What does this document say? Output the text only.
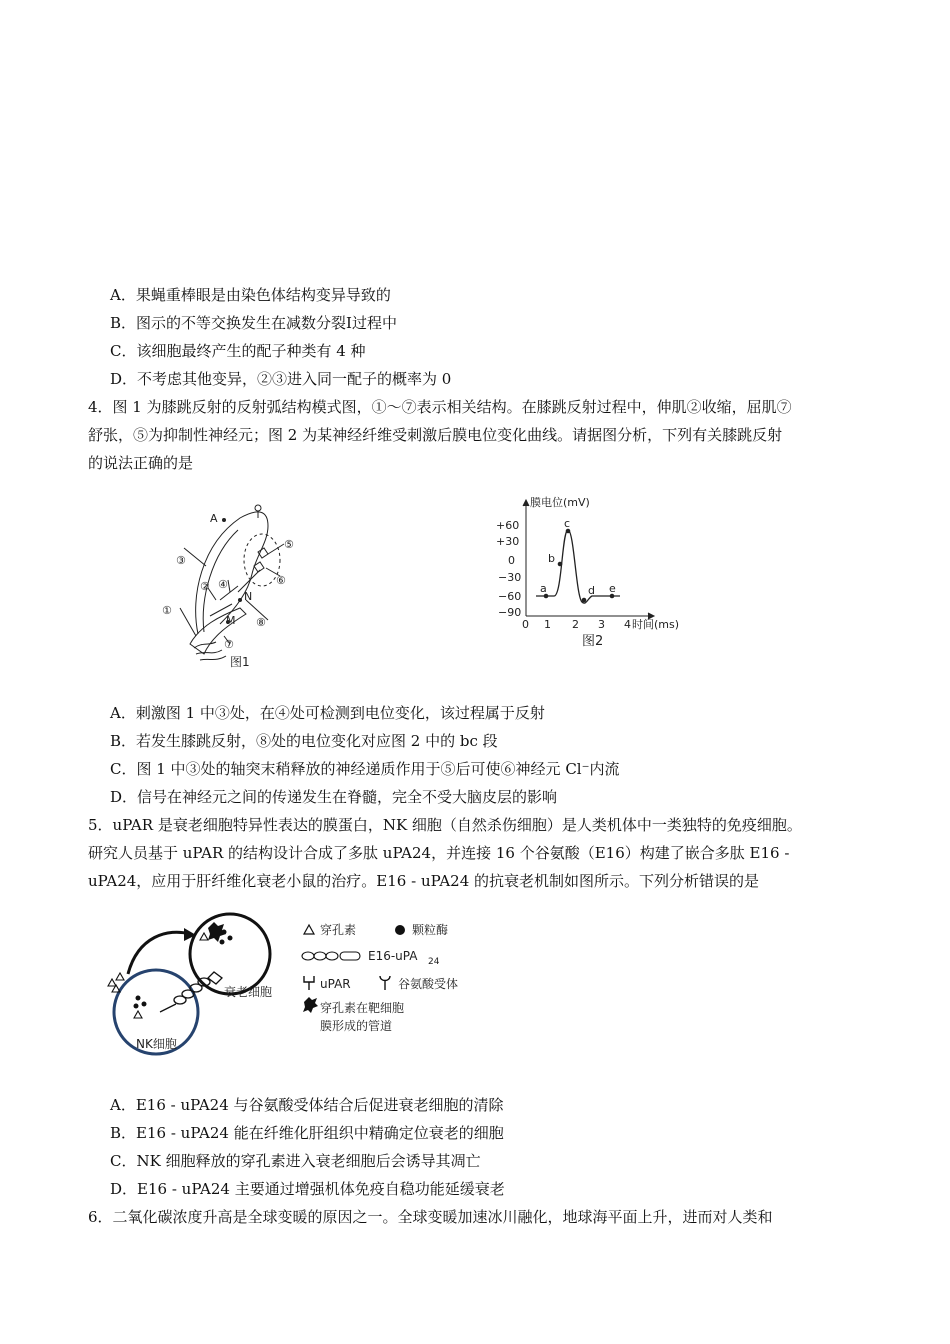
A．果蝇重棒眼是由染色体结构变异导致的
B．图示的不等交换发生在减数分裂Ⅰ过程中
C．该细胞最终产生的配子种类有 4 种
D．不考虑其他变异，②③进入同一配子的概率为 0
4．图 1 为膝跳反射的反射弧结构模式图，①～⑦表示相关结构。在膝跳反射过程中，伸肌②收缩，屈肌⑦
舒张，⑤为抑制性神经元；图 2 为某神经纤维受刺激后膜电位变化曲线。请据图分析，下列有关膝跳反射
的说法正确的是
①
②
③
④
⑤
⑥
⑦
⑧
A
M
N
图1
膜电位(mV)
+60
+30
0
−30
−60
−90
0 1 2 3 4 时间(ms)
a
b
c
d e
图2
A．刺激图 1 中③处，在④处可检测到电位变化，该过程属于反射
B．若发生膝跳反射，⑧处的电位变化对应图 2 中的 bc 段
C．图 1 中③处的轴突末稍释放的神经递质作用于⑤后可使⑥神经元 Cl⁻内流
D．信号在神经元之间的传递发生在脊髓，完全不受大脑皮层的影响
5．uPAR 是衰老细胞特异性表达的膜蛋白，NK 细胞（自然杀伤细胞）是人类机体中一类独特的免疫细胞。
研究人员基于 uPAR 的结构设计合成了多肽 uPA24，并连接 16 个谷氨酸（E16）构建了嵌合多肽 E16 -
uPA24，应用于肝纤维化衰老小鼠的治疗。E16 - uPA24 的抗衰老机制如图所示。下列分析错误的是
NK细胞
衰老细胞
穿孔素	颗粒酶
E16-uPA 24
uPAR	谷氨酸受体
穿孔素在靶细胞
膜形成的管道
A．E16 - uPA24 与谷氨酸受体结合后促进衰老细胞的清除
B．E16 - uPA24 能在纤维化肝组织中精确定位衰老的细胞
C．NK 细胞释放的穿孔素进入衰老细胞后会诱导其凋亡
D．E16 - uPA24 主要通过增强机体免疫自稳功能延缓衰老
6．二氧化碳浓度升高是全球变暖的原因之一。全球变暖加速冰川融化，地球海平面上升，进而对人类和
